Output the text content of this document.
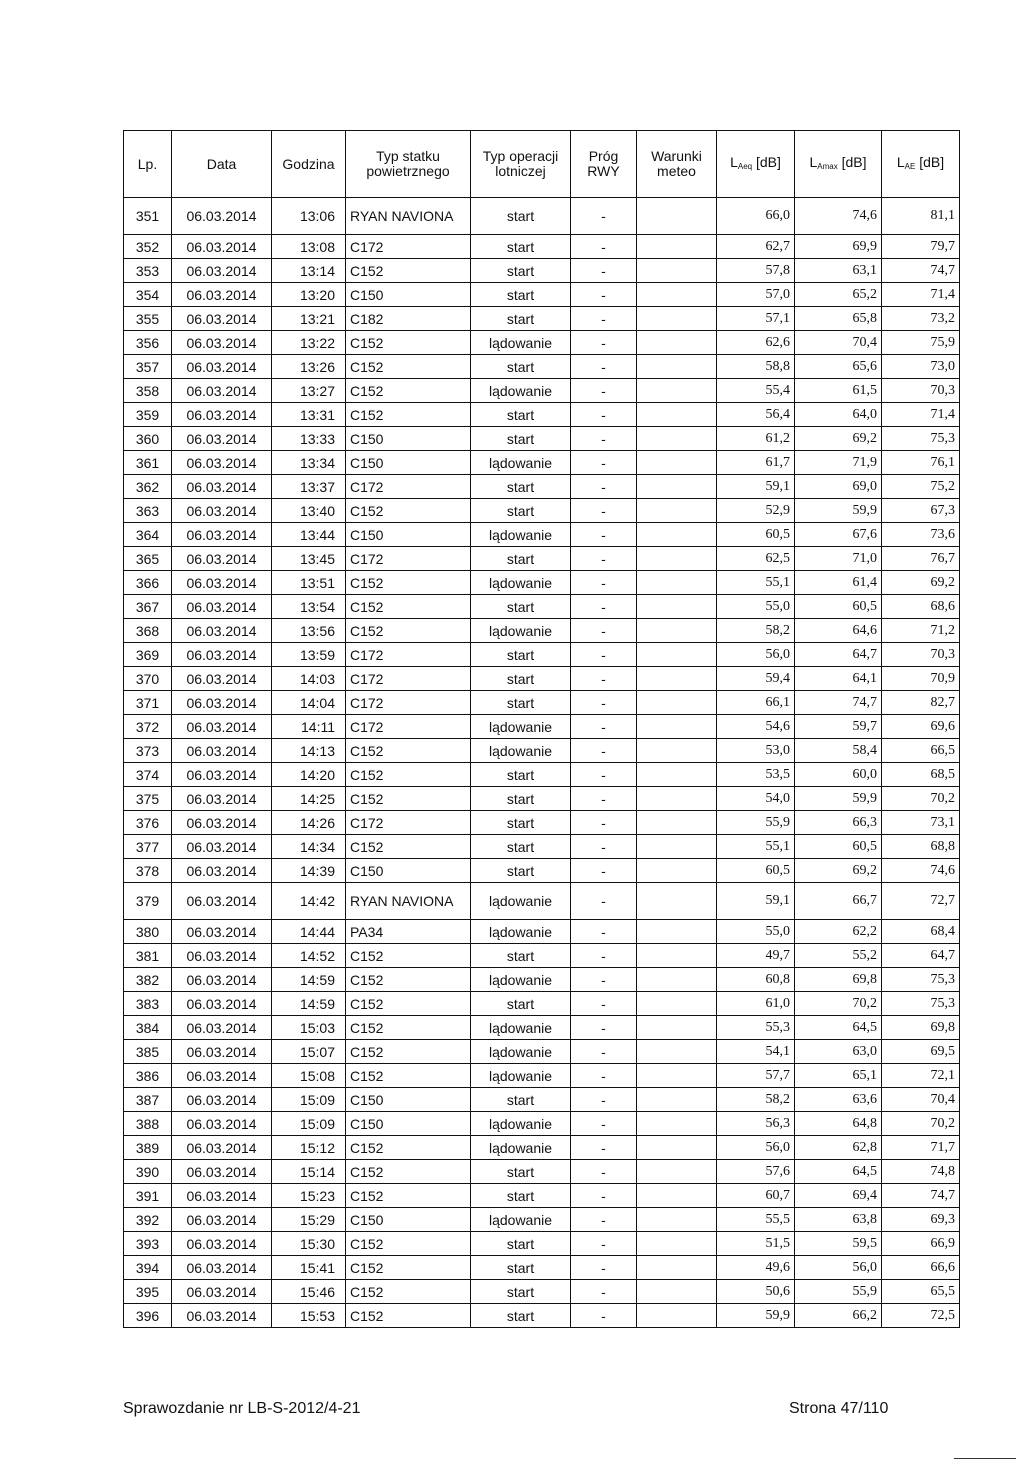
Lp.	Data	Godzina	Typ statku powietrznego	Typ operacji lotniczej	Próg RWY	Warunki meteo	$L_{Aeq}$ [dB]	$L_{Amax}$ [dB]	$L_{AE}$ [dB]
351	06.03.2014	13:06	RYAN NAVIONA	start	-		66,0	74,6	81,1
352	06.03.2014	13:08	C172	start	-		62,7	69,9	79,7
353	06.03.2014	13:14	C152	start	-		57,8	63,1	74,7
354	06.03.2014	13:20	C150	start	-		57,0	65,2	71,4
355	06.03.2014	13:21	C182	start	-		57,1	65,8	73,2
356	06.03.2014	13:22	C152	lądowanie	-		62,6	70,4	75,9
357	06.03.2014	13:26	C152	start	-		58,8	65,6	73,0
358	06.03.2014	13:27	C152	lądowanie	-		55,4	61,5	70,3
359	06.03.2014	13:31	C152	start	-		56,4	64,0	71,4
360	06.03.2014	13:33	C150	start	-		61,2	69,2	75,3
361	06.03.2014	13:34	C150	lądowanie	-		61,7	71,9	76,1
362	06.03.2014	13:37	C172	start	-		59,1	69,0	75,2
363	06.03.2014	13:40	C152	start	-		52,9	59,9	67,3
364	06.03.2014	13:44	C150	lądowanie	-		60,5	67,6	73,6
365	06.03.2014	13:45	C172	start	-		62,5	71,0	76,7
366	06.03.2014	13:51	C152	lądowanie	-		55,1	61,4	69,2
367	06.03.2014	13:54	C152	start	-		55,0	60,5	68,6
368	06.03.2014	13:56	C152	lądowanie	-		58,2	64,6	71,2
369	06.03.2014	13:59	C172	start	-		56,0	64,7	70,3
370	06.03.2014	14:03	C172	start	-		59,4	64,1	70,9
371	06.03.2014	14:04	C172	start	-		66,1	74,7	82,7
372	06.03.2014	14:11	C172	lądowanie	-		54,6	59,7	69,6
373	06.03.2014	14:13	C152	lądowanie	-		53,0	58,4	66,5
374	06.03.2014	14:20	C152	start	-		53,5	60,0	68,5
375	06.03.2014	14:25	C152	start	-		54,0	59,9	70,2
376	06.03.2014	14:26	C172	start	-		55,9	66,3	73,1
377	06.03.2014	14:34	C152	start	-		55,1	60,5	68,8
378	06.03.2014	14:39	C150	start	-		60,5	69,2	74,6
379	06.03.2014	14:42	RYAN NAVIONA	lądowanie	-		59,1	66,7	72,7
380	06.03.2014	14:44	PA34	lądowanie	-		55,0	62,2	68,4
381	06.03.2014	14:52	C152	start	-		49,7	55,2	64,7
382	06.03.2014	14:59	C152	lądowanie	-		60,8	69,8	75,3
383	06.03.2014	14:59	C152	start	-		61,0	70,2	75,3
384	06.03.2014	15:03	C152	lądowanie	-		55,3	64,5	69,8
385	06.03.2014	15:07	C152	lądowanie	-		54,1	63,0	69,5
386	06.03.2014	15:08	C152	lądowanie	-		57,7	65,1	72,1
387	06.03.2014	15:09	C150	start	-		58,2	63,6	70,4
388	06.03.2014	15:09	C150	lądowanie	-		56,3	64,8	70,2
389	06.03.2014	15:12	C152	lądowanie	-		56,0	62,8	71,7
390	06.03.2014	15:14	C152	start	-		57,6	64,5	74,8
391	06.03.2014	15:23	C152	start	-		60,7	69,4	74,7
392	06.03.2014	15:29	C150	lądowanie	-		55,5	63,8	69,3
393	06.03.2014	15:30	C152	start	-		51,5	59,5	66,9
394	06.03.2014	15:41	C152	start	-		49,6	56,0	66,6
395	06.03.2014	15:46	C152	start	-		50,6	55,9	65,5
396	06.03.2014	15:53	C152	start	-		59,9	66,2	72,5
Sprawozdanie nr LB-S-2012/4-21	Strona 47/110
